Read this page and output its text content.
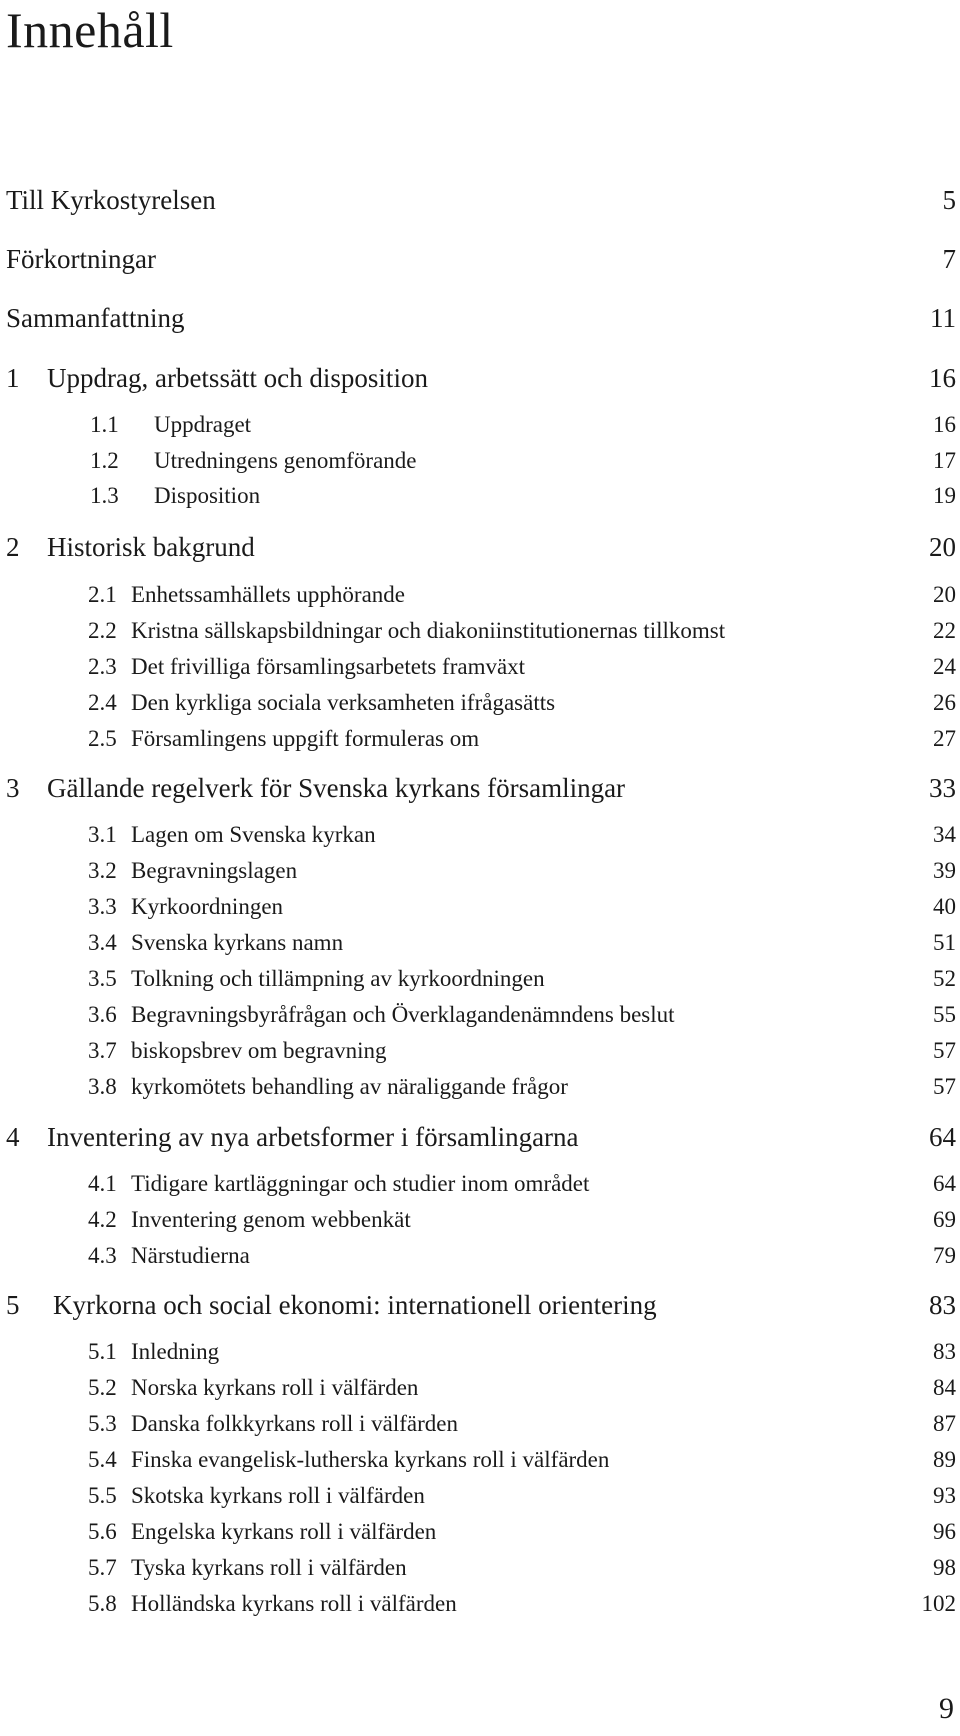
Innehåll
Till Kyrkostyrelsen	5
Förkortningar	7
Sammanfattning	11
1 Uppdrag, arbetssätt och disposition	16
1.1 Uppdraget	16
1.2 Utredningens genomförande	17
1.3 Disposition	19
2 Historisk bakgrund	20
2.1 Enhetssamhällets upphörande	20
2.2 Kristna sällskapsbildningar och diakoniinstitutionernas tillkomst	22
2.3 Det frivilliga församlingsarbetets framväxt	24
2.4 Den kyrkliga sociala verksamheten ifrågasätts	26
2.5 Församlingens uppgift formuleras om	27
3 Gällande regelverk för Svenska kyrkans församlingar	33
3.1 Lagen om Svenska kyrkan	34
3.2 Begravningslagen	39
3.3 Kyrkoordningen	40
3.4 Svenska kyrkans namn	51
3.5 Tolkning och tillämpning av kyrkoordningen	52
3.6 Begravningsbyråfrågan och Överklagandenämndens beslut	55
3.7 biskopsbrev om begravning	57
3.8 kyrkomötets behandling av näraliggande frågor	57
4 Inventering av nya arbetsformer i församlingarna	64
4.1 Tidigare kartläggningar och studier inom området	64
4.2 Inventering genom webbenkät	69
4.3 Närstudierna	79
5 Kyrkorna och social ekonomi: internationell orientering	83
5.1 Inledning	83
5.2 Norska kyrkans roll i välfärden	84
5.3 Danska folkkyrkans roll i välfärden	87
5.4 Finska evangelisk-lutherska kyrkans roll i välfärden	89
5.5 Skotska kyrkans roll i välfärden	93
5.6 Engelska kyrkans roll i välfärden	96
5.7 Tyska kyrkans roll i välfärden	98
5.8 Holländska kyrkans roll i välfärden	102
9
